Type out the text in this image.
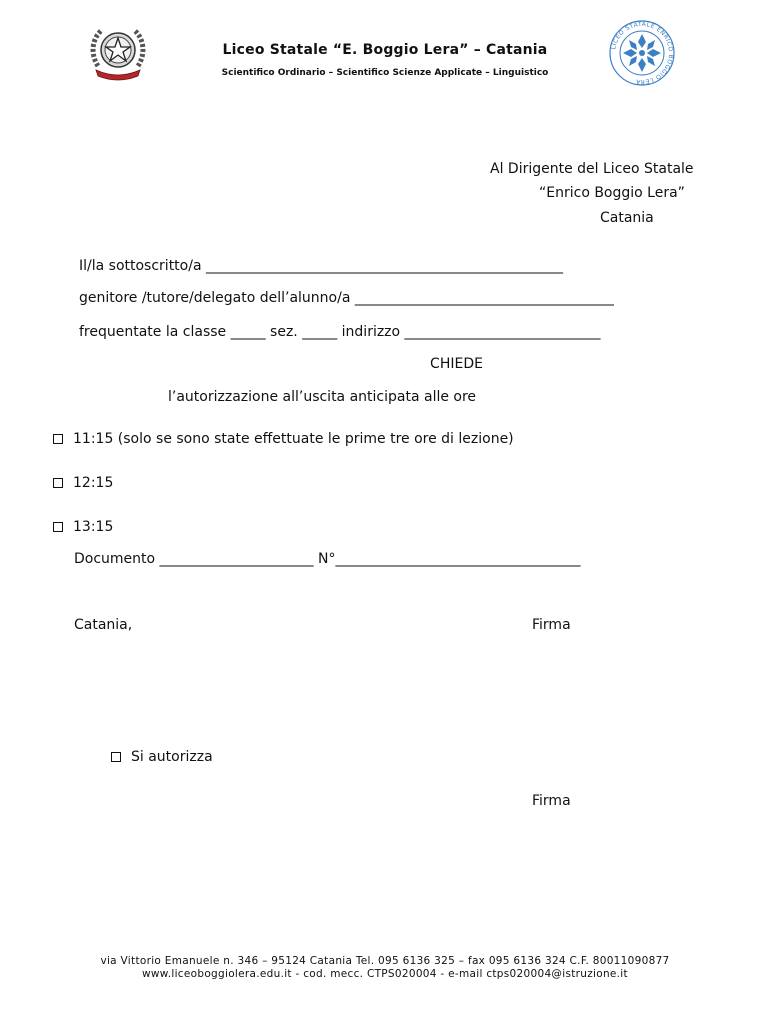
Liceo Statale “E. Boggio Lera” – Catania
Scientifico Ordinario – Scientifico Scienze Applicate – Linguistico
LICEO STATALE ENRICO BOGGIO LERA
Al Dirigente del Liceo Statale
“Enrico Boggio Lera”
Catania
Il/la sottoscritto/a ___________________________________________________
genitore /tutore/delegato dell’alunno/a _____________________________________
frequentate la classe _____ sez. _____ indirizzo ____________________________
CHIEDE
l’autorizzazione all’uscita anticipata alle ore
11:15 (solo se sono state effettuate le prime tre ore di lezione)
12:15
13:15
Documento ______________________ N°___________________________________
Catania,	Firma
Si autorizza
Firma
via Vittorio Emanuele n. 346 – 95124 Catania Tel. 095 6136 325 – fax 095 6136 324 C.F. 80011090877
www.liceoboggiolera.edu.it - cod. mecc. CTPS020004 - e-mail ctps020004@istruzione.it
